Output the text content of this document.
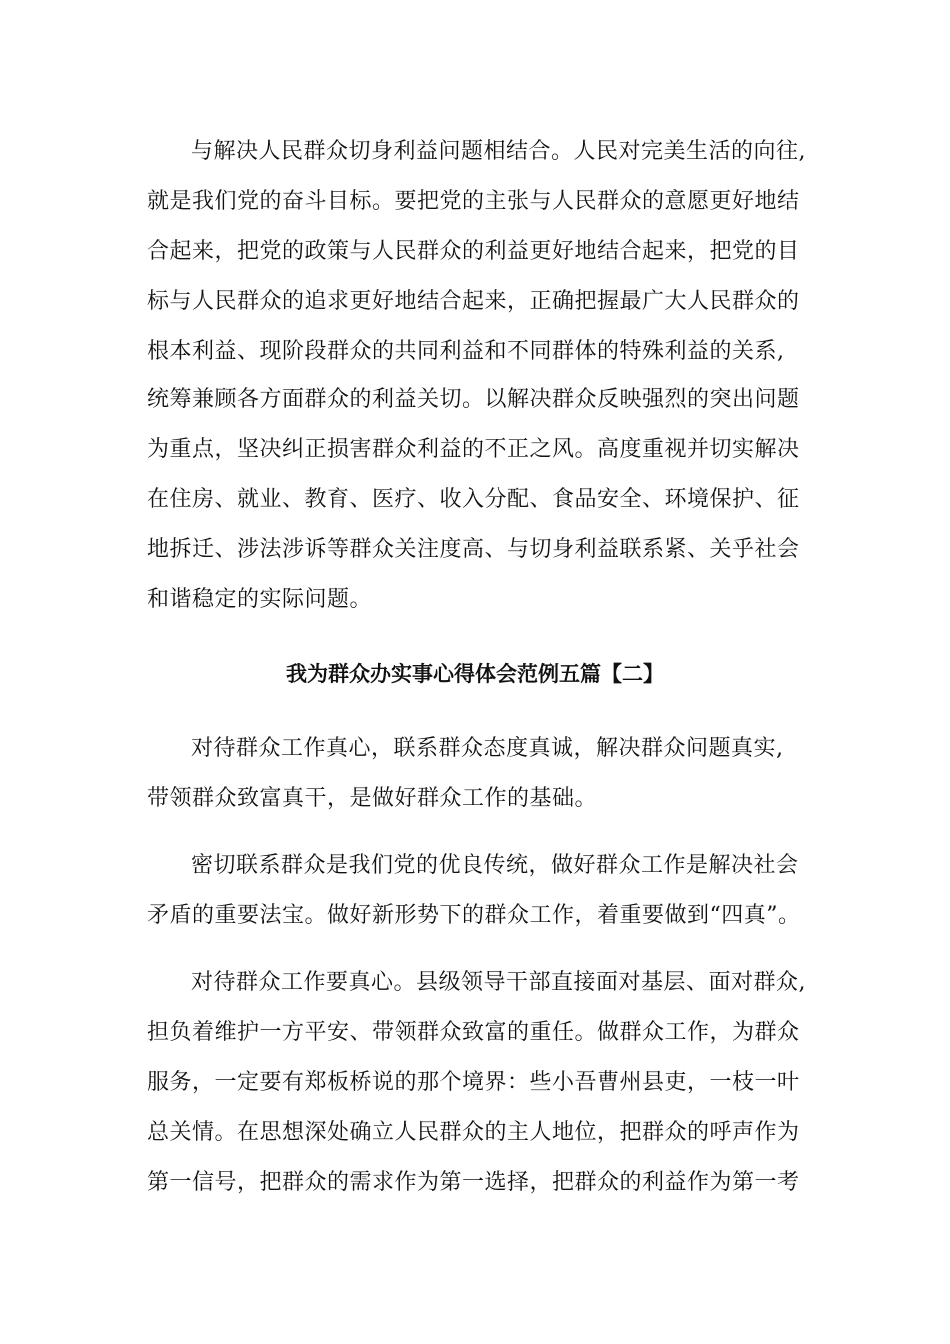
与解决人民群众切身利益问题相结合。人民对完美生活的向往,
就是我们党的奋斗目标。要把党的主张与人民群众的意愿更好地结
合起来，把党的政策与人民群众的利益更好地结合起来，把党的目
标与人民群众的追求更好地结合起来，正确把握最广大人民群众的
根本利益、现阶段群众的共同利益和不同群体的特殊利益的关系,
统筹兼顾各方面群众的利益关切。以解决群众反映强烈的突出问题
为重点，坚决纠正损害群众利益的不正之风。高度重视并切实解决
在住房、就业、教育、医疗、收入分配、食品安全、环境保护、征
地拆迁、涉法涉诉等群众关注度高、与切身利益联系紧、关乎社会
和谐稳定的实际问题。
我为群众办实事心得体会范例五篇【二】
对待群众工作真心，联系群众态度真诚，解决群众问题真实,
带领群众致富真干，是做好群众工作的基础。
密切联系群众是我们党的优良传统，做好群众工作是解决社会
矛盾的重要法宝。做好新形势下的群众工作，着重要做到“四真”。
对待群众工作要真心。县级领导干部直接面对基层、面对群众,
担负着维护一方平安、带领群众致富的重任。做群众工作，为群众
服务，一定要有郑板桥说的那个境界：些小吾曹州县吏，一枝一叶
总关情。在思想深处确立人民群众的主人地位，把群众的呼声作为
第一信号，把群众的需求作为第一选择，把群众的利益作为第一考
